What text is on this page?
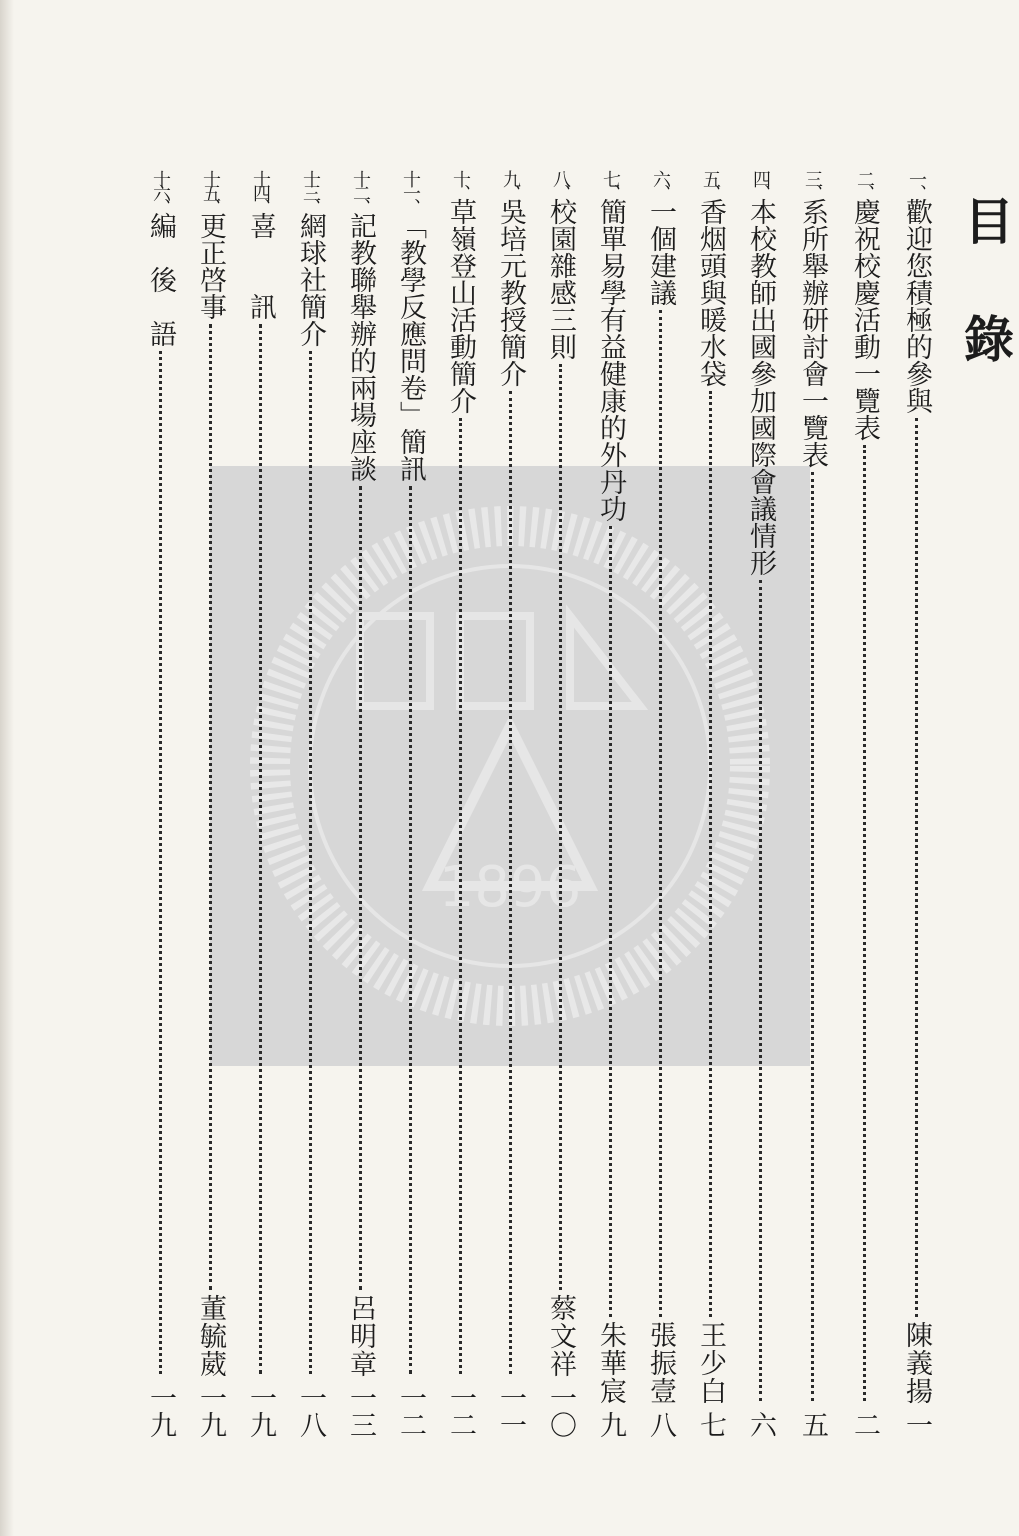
1896
目錄
一、
歡迎您積極的參與
陳義揚
一
二、
慶祝校慶活動一覽表
二
三、
系所舉辦研討會一覽表
五
四、
本校教師出國參加國際會議情形
六
五、
香烟頭與暖水袋
王少白
七
六、
一個建議
張振壹
八
七、
簡單易學有益健康的外丹功
朱華宸
九
八、
校園雜感三則
蔡文祥
一〇
九、
吳培元教授簡介
一一
十、
草嶺登山活動簡介
一二
十一、
「教學反應問卷」簡訊
一二
十二、
記教聯舉辦的兩場座談
呂明章
一三
十三、
網球社簡介
一八
十四、
喜　　訊
一九
十五、
更正啓事
董毓葳
一九
十六、
編　後　語
一九
